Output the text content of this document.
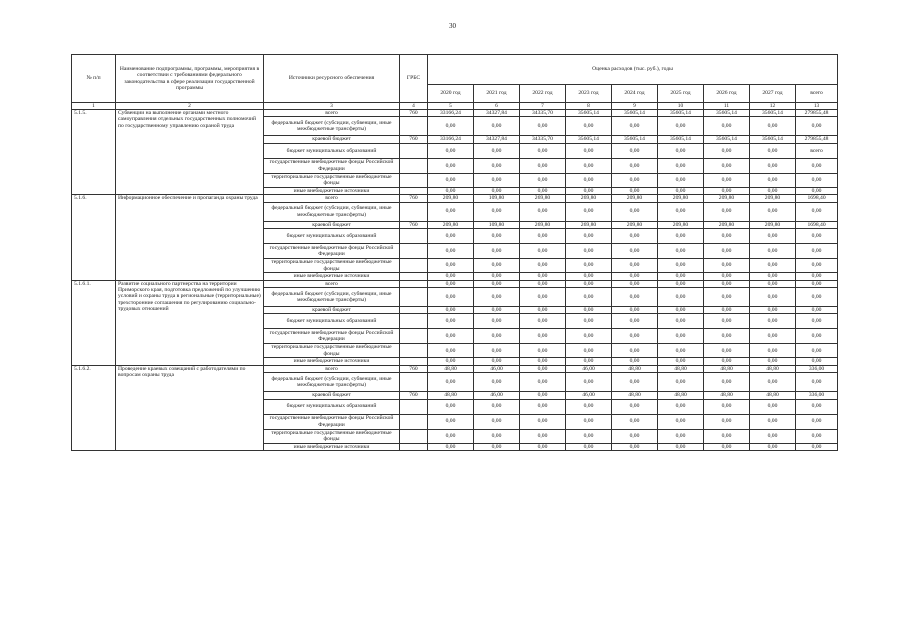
30
№ п/п	Наименование подпрограммы, программы, мероприятия в соответствии с требованиями федерального законодательства в сфере реализации государственной программы	Источники ресурсного обеспечения	ГРБС	Оценка расходов (тыс. руб.), годы								
				2020 год	2021 год	2022 год	2023 год	2024 год	2025 год	2026 год	2027 год	всего
1	2	3	4	5	6	7	8	9	10	11	12	13
5.1.5.	Субвенции на выполнение органами местного самоуправления отдельных государственных полномочий по государственному управлению охраной труда	всего	760	33166,24	34327,84	34335,70	35605,14	35605,14	35605,14	35605,14	35605,14	279855,48
		федеральный бюджет (субсидии, субвенции, иные межбюджетные трансферты)		0,00	0,00	0,00	0,00	0,00	0,00	0,00	0,00	0,00
		краевой бюджет	760	33166,24	34327,84	34335,70	35605,14	35605,14	35605,14	35605,14	35605,14	279855,48
		бюджет муниципальных образований		0,00	0,00	0,00	0,00	0,00	0,00	0,00	0,00	всего
		государственные внебюджетные фонды Российской Федерации		0,00	0,00	0,00	0,00	0,00	0,00	0,00	0,00	0,00
		территориальные государственные внебюджетные фонды		0,00	0,00	0,00	0,00	0,00	0,00	0,00	0,00	0,00
		иные внебюджетные источники		0,00	0,00	0,00	0,00	0,00	0,00	0,00	0,00	0,00
5.1.6.	Информационное обеспечение и пропаганда охраны труда	всего	760	209,80	109,80	269,80	269,80	209,80	209,80	209,80	209,80	1698,40
		федеральный бюджет (субсидии, субвенции, иные межбюджетные трансферты)		0,00	0,00	0,00	0,00	0,00	0,00	0,00	0,00	0,00
		краевой бюджет	760	209,80	109,80	269,80	269,80	209,80	209,80	209,80	209,80	1698,40
		бюджет муниципальных образований		0,00	0,00	0,00	0,00	0,00	0,00	0,00	0,00	0,00
		государственные внебюджетные фонды Российской Федерации		0,00	0,00	0,00	0,00	0,00	0,00	0,00	0,00	0,00
		территориальные государственные внебюджетные фонды		0,00	0,00	0,00	0,00	0,00	0,00	0,00	0,00	0,00
		иные внебюджетные источники		0,00	0,00	0,00	0,00	0,00	0,00	0,00	0,00	0,00
5.1.6.1.	Развитие социального партнерства на территории Приморского края, подготовка предложений по улучшению условий и охраны труда в региональные (территориальные) трехсторонние соглашения по регулированию социально-трудовых отношений	всего		0,00	0,00	0,00	0,00	0,00	0,00	0,00	0,00	0,00
		федеральный бюджет (субсидии, субвенции, иные межбюджетные трансферты)		0,00	0,00	0,00	0,00	0,00	0,00	0,00	0,00	0,00
		краевой бюджет		0,00	0,00	0,00	0,00	0,00	0,00	0,00	0,00	0,00
		бюджет муниципальных образований		0,00	0,00	0,00	0,00	0,00	0,00	0,00	0,00	0,00
		государственные внебюджетные фонды Российской Федерации		0,00	0,00	0,00	0,00	0,00	0,00	0,00	0,00	0,00
		территориальные государственные внебюджетные фонды		0,00	0,00	0,00	0,00	0,00	0,00	0,00	0,00	0,00
		иные внебюджетные источники		0,00	0,00	0,00	0,00	0,00	0,00	0,00	0,00	0,00
5.1.6.2.	Проведение краевых совещаний с работодателями по вопросам охраны труда	всего	760	48,80	46,00	0,00	46,00	48,80	48,80	48,80	48,80	336,00
		федеральный бюджет (субсидии, субвенции, иные межбюджетные трансферты)		0,00	0,00	0,00	0,00	0,00	0,00	0,00	0,00	0,00
		краевой бюджет	760	48,80	46,00	0,00	46,00	48,80	48,80	48,80	48,80	336,00
		бюджет муниципальных образований		0,00	0,00	0,00	0,00	0,00	0,00	0,00	0,00	0,00
		государственные внебюджетные фонды Российской Федерации		0,00	0,00	0,00	0,00	0,00	0,00	0,00	0,00	0,00
		территориальные государственные внебюджетные фонды		0,00	0,00	0,00	0,00	0,00	0,00	0,00	0,00	0,00
		иные внебюджетные источники		0,00	0,00	0,00	0,00	0,00	0,00	0,00	0,00	0,00
